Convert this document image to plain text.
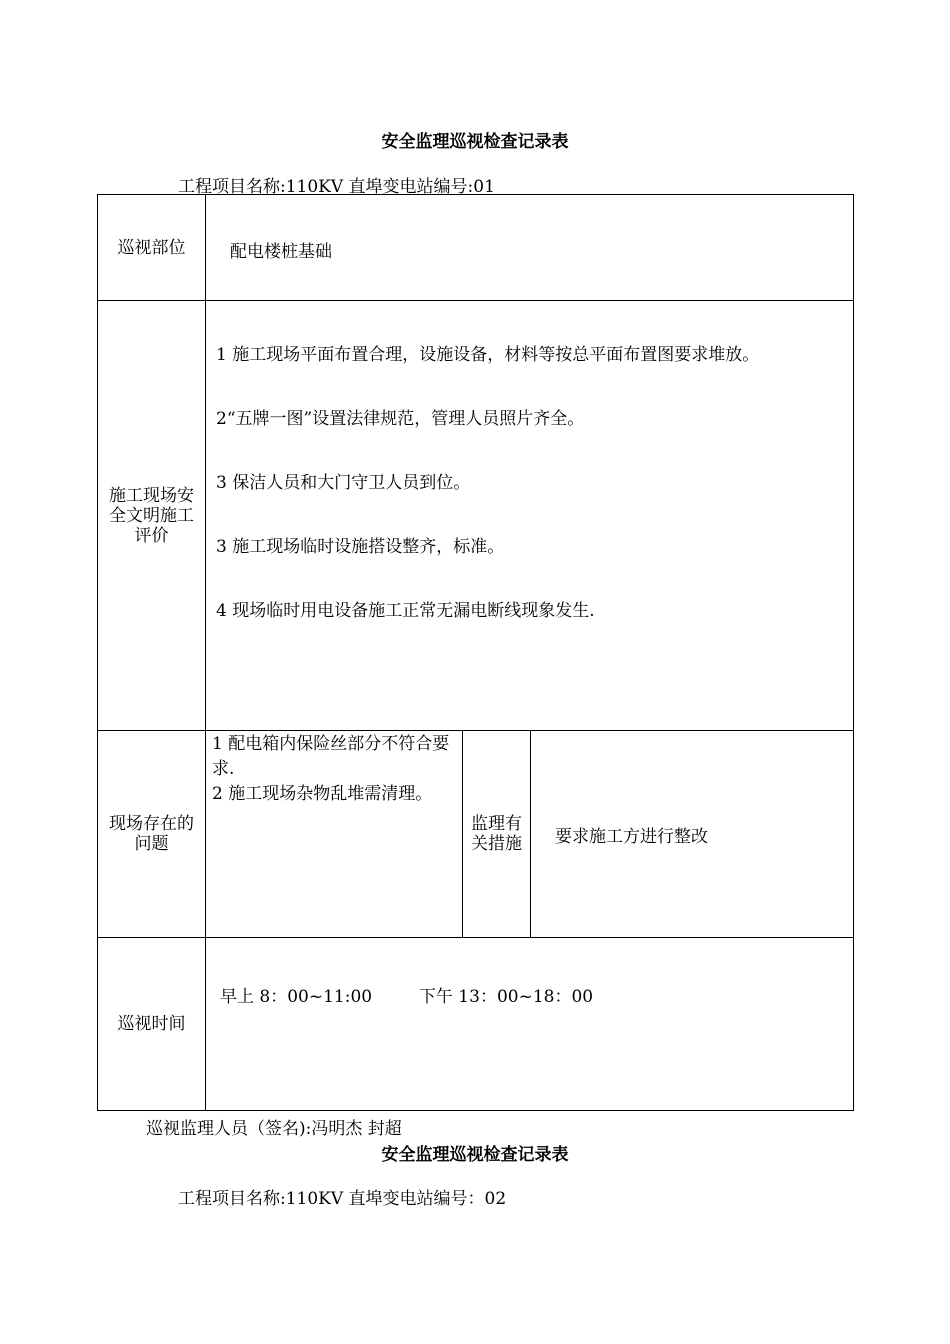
安全监理巡视检查记录表
工程项目名称:110KV 直埠变电站编号:01
巡视部位	配电楼桩基础		
施工现场安全文明施工评价	1 施工现场平面布置合理，设施设备，材料等按总平面布置图要求堆放。
2“五牌一图”设置法律规范，管理人员照片齐全。
3 保洁人员和大门守卫人员到位。
3 施工现场临时设施搭设整齐，标准。
4 现场临时用电设备施工正常无漏电断线现象发生.		

现场存在的问题	1 配电箱内保险丝部分不符合要求.
2 施工现场杂物乱堆需清理。	监理有关措施	要求施工方进行整改
巡视时间	早上 8：00~11:00 下午 13：00~18：00		
巡视监理人员（签名):冯明杰 封超
安全监理巡视检查记录表
工程项目名称:110KV 直埠变电站编号：02
